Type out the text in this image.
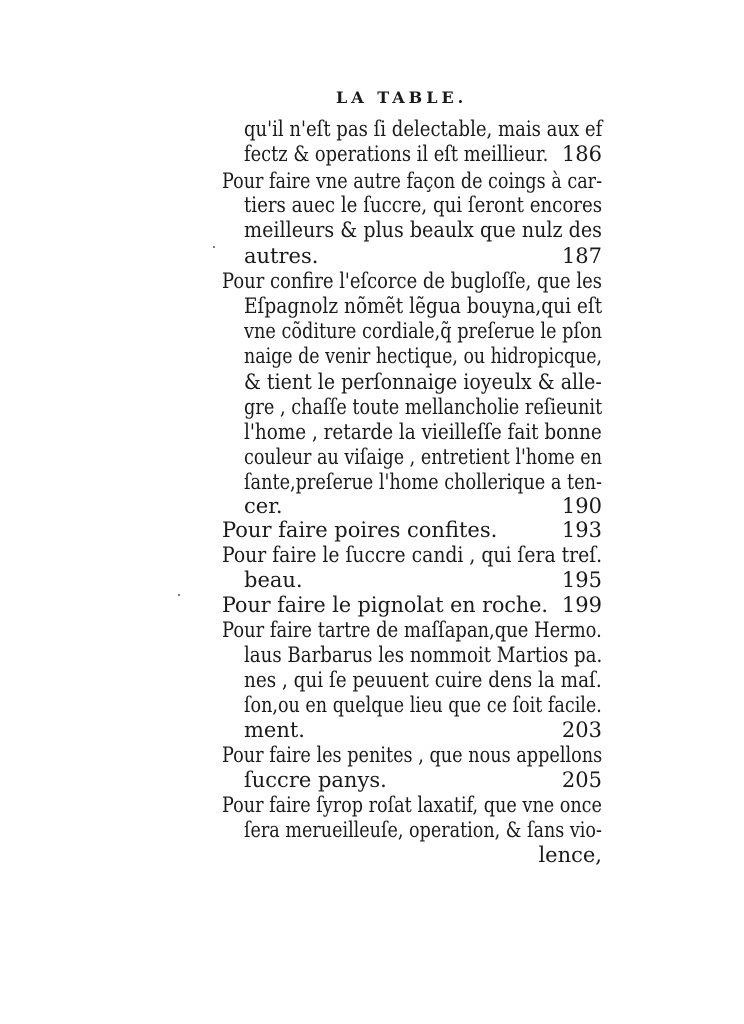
LA TABLE.
qu'il n'eſt pas ſi delectable, mais aux ef
fectz & operations il eſt meillieur. 186
Pour faire vne autre façon de coings à car-
tiers auec le ſuccre, qui ſeront encores
meilleurs & plus beaulx que nulz des
autres.	187
Pour confire l'eſcorce de bugloſſe, que les
Eſpagnolz nõmẽt lẽgua bouyna,qui eſt
vne cõditure cordiale,q̃ preſerue le pſon
naige de venir hectique, ou hidropicque,
& tient le perſonnaige ioyeulx & alle-
gre , chaſſe toute mellancholie reſieunit
l'home , retarde la vieilleſſe fait bonne
couleur au viſaige , entretient l'home en
ſante,preſerue l'home chollerique a ten-
cer.	190
Pour faire poires confites.	193
Pour faire le ſuccre candi , qui ſera treſ.
beau.	195
Pour faire le pignolat en roche. 199
Pour faire tartre de maſſapan,que Hermo.
laus Barbarus les nommoit Martios pa.
nes , qui ſe peuuent cuire dens la maſ.
ſon,ou en quelque lieu que ce ſoit facile.
ment.	203
Pour faire les penites , que nous appellons
ſuccre panys.	205
Pour faire ſyrop roſat laxatif, que vne once
ſera merueilleuſe, operation, & ſans vio-
lence,
